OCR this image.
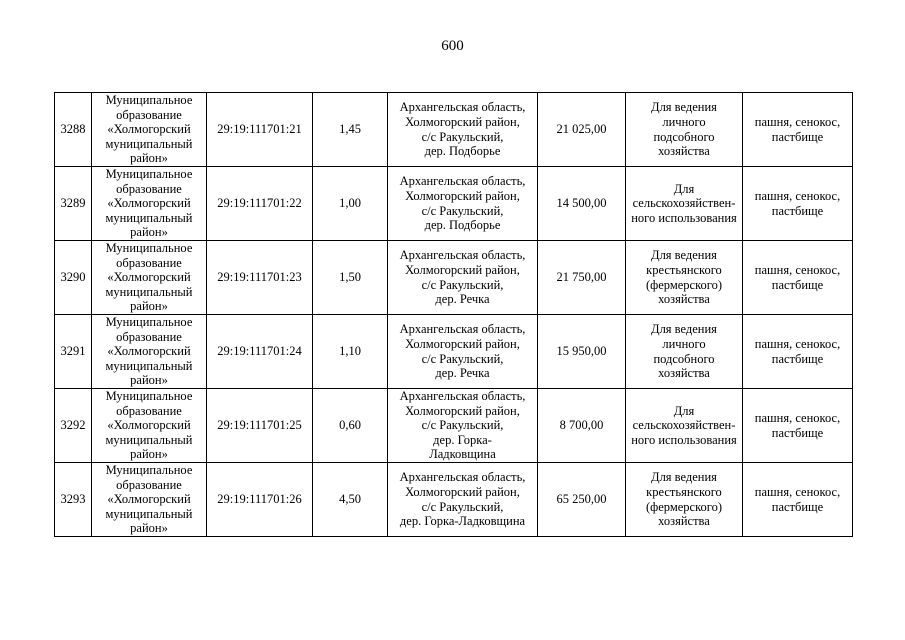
600
3288	Муниципальное
образование
«Холмогорский
муниципальный
район»	29:19:111701:21	1,45	Архангельская область,
Холмогорский район,
с/с Ракульский,
дер. Подборье	21 025,00	Для ведения
личного
подсобного
хозяйства	пашня, сенокос,
пастбище
3289	Муниципальное
образование
«Холмогорский
муниципальный
район»	29:19:111701:22	1,00	Архангельская область,
Холмогорский район,
с/с Ракульский,
дер. Подборье	14 500,00	Для
сельскохозяйствен-
ного использования	пашня, сенокос,
пастбище
3290	Муниципальное
образование
«Холмогорский
муниципальный
район»	29:19:111701:23	1,50	Архангельская область,
Холмогорский район,
с/с Ракульский,
дер. Речка	21 750,00	Для ведения
крестьянского
(фермерского)
хозяйства	пашня, сенокос,
пастбище
3291	Муниципальное
образование
«Холмогорский
муниципальный
район»	29:19:111701:24	1,10	Архангельская область,
Холмогорский район,
с/с Ракульский,
дер. Речка	15 950,00	Для ведения
личного
подсобного
хозяйства	пашня, сенокос,
пастбище
3292	Муниципальное
образование
«Холмогорский
муниципальный
район»	29:19:111701:25	0,60	Архангельская область,
Холмогорский район,
с/с Ракульский,
дер. Горка-
Ладковщина	8 700,00	Для
сельскохозяйствен-
ного использования	пашня, сенокос,
пастбище
3293	Муниципальное
образование
«Холмогорский
муниципальный
район»	29:19:111701:26	4,50	Архангельская область,
Холмогорский район,
с/с Ракульский,
дер. Горка-Ладковщина	65 250,00	Для ведения
крестьянского
(фермерского)
хозяйства	пашня, сенокос,
пастбище
